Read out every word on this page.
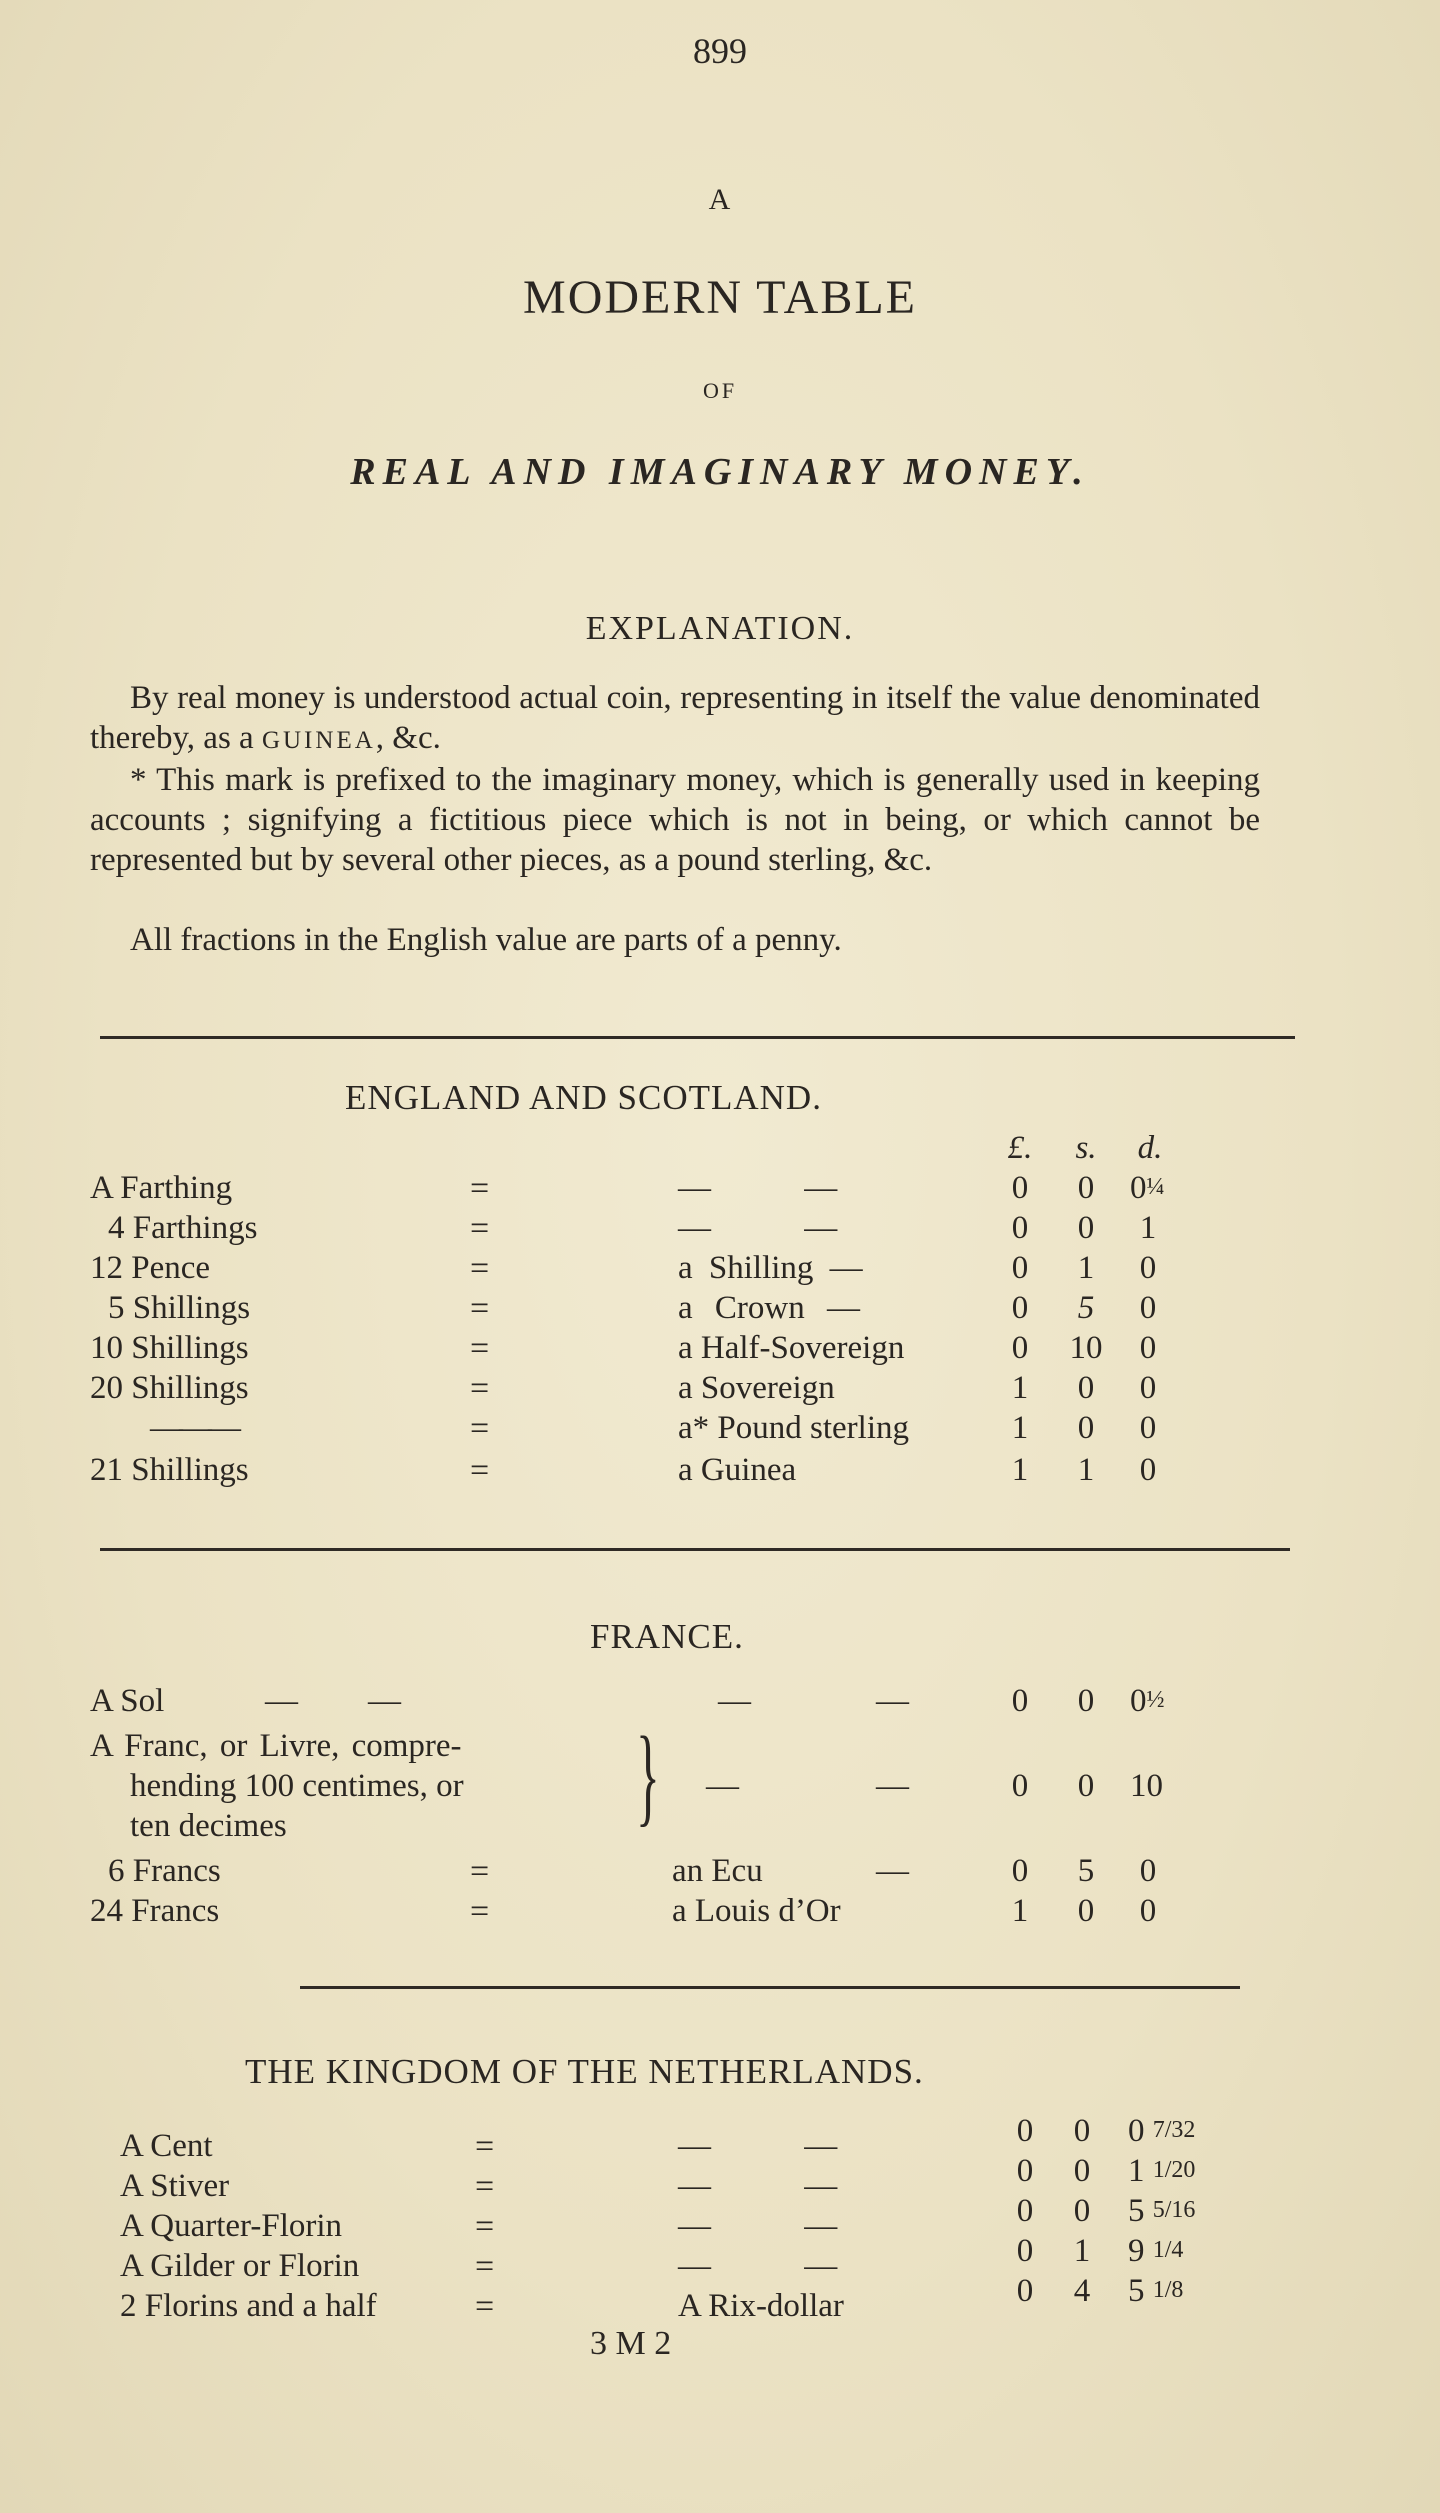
899
A
MODERN TABLE
OF
REAL AND IMAGINARY MONEY.
EXPLANATION.
By real money is understood actual coin, representing in itself the value denominated thereby, as a GUINEA, &c.
* This mark is prefixed to the imaginary money, which is generally used in keeping accounts ; signifying a fictitious piece which is not in being, or which cannot be represented but by several other pieces, as a pound sterling, &c.
All fractions in the English value are parts of a penny.
ENGLAND AND SCOTLAND.
£. s. d.
A Farthing	=	— —	0	0	0¼
4 Farthings	=	— —	0	0	1
12 Pence	=	a Shilling —	0	1	0
5 Shillings	=	a Crown —	0	5	0
10 Shillings	=	a Half-Sovereign	0	10	0
20 Shillings	=	a Sovereign	1	0	0
———	=	a* Pound sterling	1	0	0
21 Shillings	=	a Guinea	1	1	0
FRANCE.
A Sol	— —	—	—	0	0	0½
A Franc, or Livre, compre-
hending 100 centimes, or
ten decimes	} —	—	0	0	10
6 Francs	=	an Ecu	—	0	5	0
24 Francs	=	a Louis d’Or	1	0	0
THE KINGDOM OF THE NETHERLANDS.
A Cent	=	— —	0	0	0 7/32
A Stiver	=	— —	0	0	1 1/20
A Quarter-Florin	=	— —	0	0	5 5/16
A Gilder or Florin	=	— —	0	1	9 1/4
2 Florins and a half	=	A Rix-dollar	0	4	5 1/8
3 M 2
